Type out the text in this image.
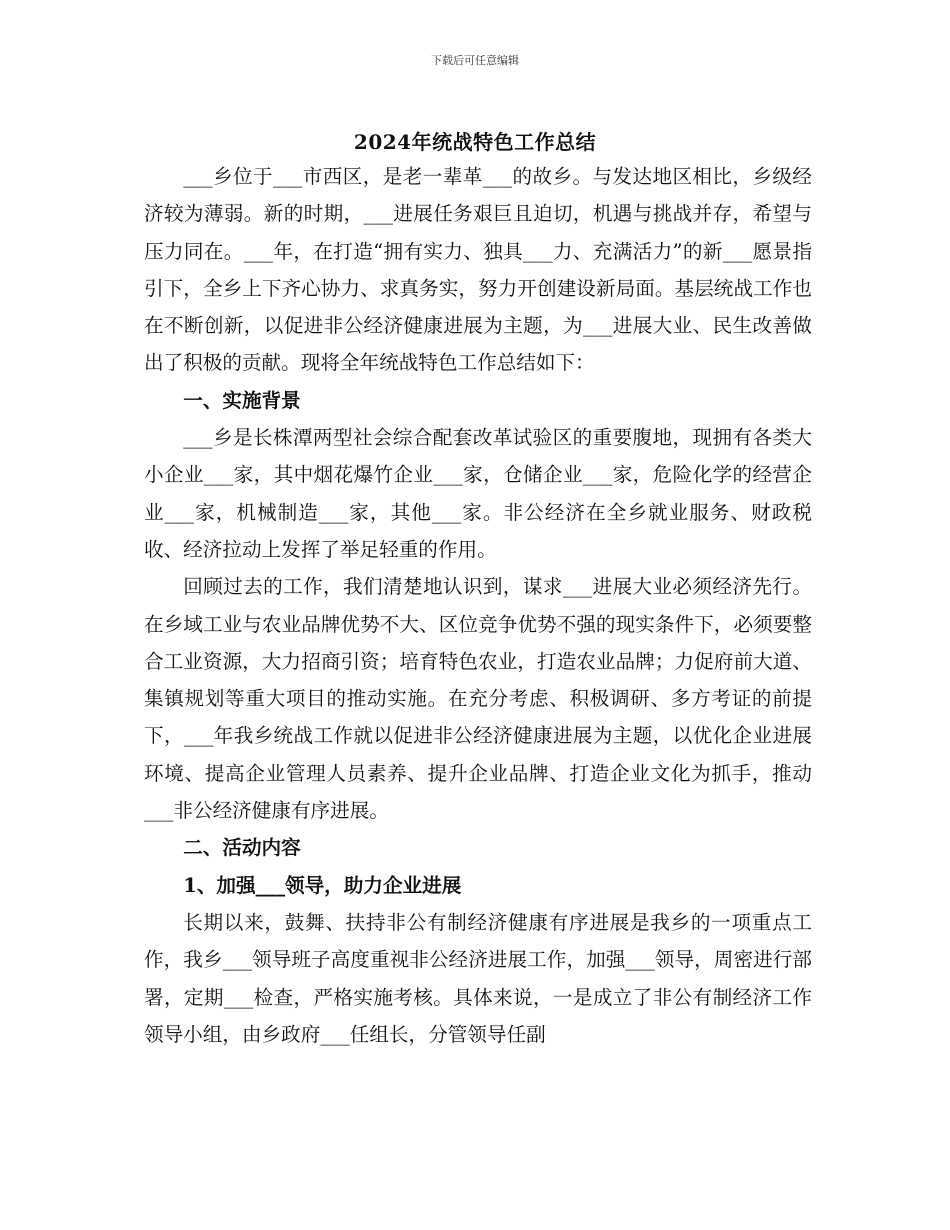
下载后可任意编辑
2024年统战特色工作总结

___乡位于___市西区，是老一辈革___的故乡。与发达地区相比，乡级经济较为薄弱。新的时期，___进展任务艰巨且迫切，机遇与挑战并存，希望与压力同在。___年，在打造“拥有实力、独具___力、充满活力”的新___愿景指引下，全乡上下齐心协力、求真务实，努力开创建设新局面。基层统战工作也在不断创新，以促进非公经济健康进展为主题，为___进展大业、民生改善做出了积极的贡献。现将全年统战特色工作总结如下：

一、实施背景

___乡是长株潭两型社会综合配套改革试验区的重要腹地，现拥有各类大小企业___家，其中烟花爆竹企业___家，仓储企业___家，危险化学的经营企业___家，机械制造___家，其他___家。非公经济在全乡就业服务、财政税收、经济拉动上发挥了举足轻重的作用。

回顾过去的工作，我们清楚地认识到，谋求___进展大业必须经济先行。在乡域工业与农业品牌优势不大、区位竞争优势不强的现实条件下，必须要整合工业资源，大力招商引资；培育特色农业，打造农业品牌；力促府前大道、集镇规划等重大项目的推动实施。在充分考虑、积极调研、多方考证的前提下，___年我乡统战工作就以促进非公经济健康进展为主题，以优化企业进展环境、提高企业管理人员素养、提升企业品牌、打造企业文化为抓手，推动___非公经济健康有序进展。

二、活动内容

1、加强___领导，助力企业进展

长期以来，鼓舞、扶持非公有制经济健康有序进展是我乡的一项重点工作，我乡___领导班子高度重视非公经济进展工作，加强___领导，周密进行部署，定期___检查，严格实施考核。具体来说，一是成立了非公有制经济工作领导小组，由乡政府___任组长，分管领导任副
